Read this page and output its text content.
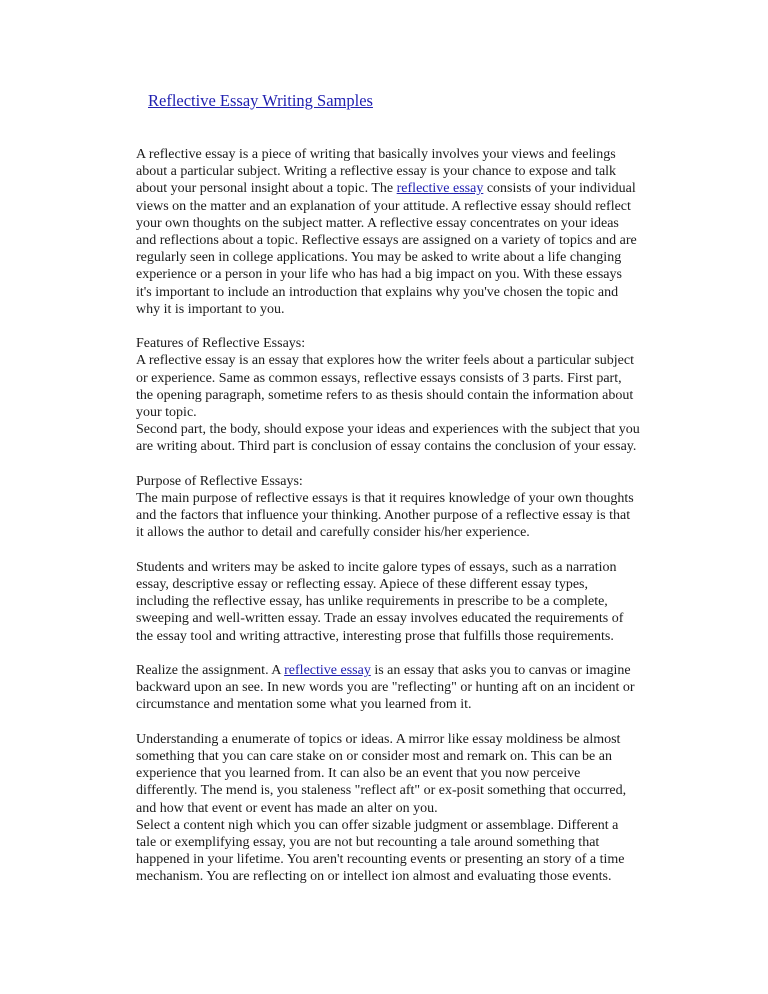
Reflective Essay Writing Samples

A reflective essay is a piece of writing that basically involves your views and feelings
about a particular subject. Writing a reflective essay is your chance to expose and talk
about your personal insight about a topic. The reflective essay consists of your individual
views on the matter and an explanation of your attitude. A reflective essay should reflect
your own thoughts on the subject matter. A reflective essay concentrates on your ideas
and reflections about a topic. Reflective essays are assigned on a variety of topics and are
regularly seen in college applications. You may be asked to write about a life changing
experience or a person in your life who has had a big impact on you. With these essays
it's important to include an introduction that explains why you've chosen the topic and
why it is important to you.

Features of Reflective Essays:
A reflective essay is an essay that explores how the writer feels about a particular subject
or experience. Same as common essays, reflective essays consists of 3 parts. First part,
the opening paragraph, sometime refers to as thesis should contain the information about
your topic.
Second part, the body, should expose your ideas and experiences with the subject that you
are writing about. Third part is conclusion of essay contains the conclusion of your essay.

Purpose of Reflective Essays:
The main purpose of reflective essays is that it requires knowledge of your own thoughts
and the factors that influence your thinking. Another purpose of a reflective essay is that
it allows the author to detail and carefully consider his/her experience.

Students and writers may be asked to incite galore types of essays, such as a narration
essay, descriptive essay or reflecting essay. Apiece of these different essay types,
including the reflective essay, has unlike requirements in prescribe to be a complete,
sweeping and well-written essay. Trade an essay involves educated the requirements of
the essay tool and writing attractive, interesting prose that fulfills those requirements.

Realize the assignment. A reflective essay is an essay that asks you to canvas or imagine
backward upon an see. In new words you are "reflecting" or hunting aft on an incident or
circumstance and mentation some what you learned from it.

Understanding a enumerate of topics or ideas. A mirror like essay moldiness be almost
something that you can care stake on or consider most and remark on. This can be an
experience that you learned from. It can also be an event that you now perceive
differently. The mend is, you staleness "reflect aft" or ex-posit something that occurred,
and how that event or event has made an alter on you.
Select a content nigh which you can offer sizable judgment or assemblage. Different a
tale or exemplifying essay, you are not but recounting a tale around something that
happened in your lifetime. You aren't recounting events or presenting an story of a time
mechanism. You are reflecting on or intellect ion almost and evaluating those events.
